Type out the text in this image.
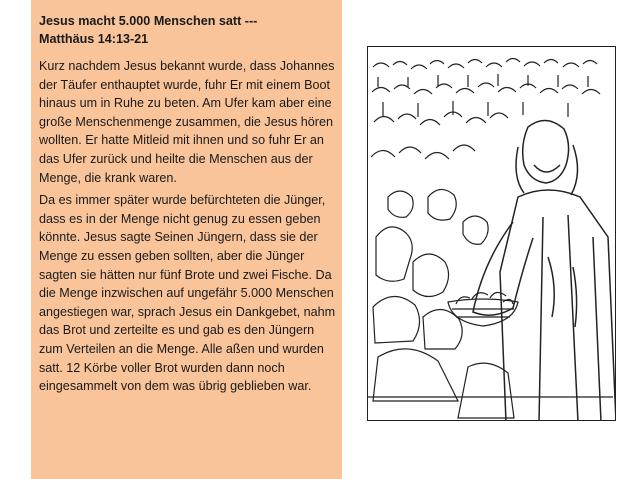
Jesus macht 5.000 Menschen satt ---
Matthäus 14:13-21

Kurz nachdem Jesus bekannt wurde, dass Johannes der Täufer enthauptet wurde, fuhr Er mit einem Boot hinaus um in Ruhe zu beten. Am Ufer kam aber eine große Menschenmenge zusammen, die Jesus hören wollten. Er hatte Mitleid mit ihnen und so fuhr Er an das Ufer zurück und heilte die Menschen aus der Menge, die krank waren.

Da es immer später wurde befürchteten die Jünger, dass es in der Menge nicht genug zu essen geben könnte. Jesus sagte Seinen Jüngern, dass sie der Menge zu essen geben sollten, aber die Jünger sagten sie hätten nur fünf Brote und zwei Fische. Da die Menge inzwischen auf ungefähr 5.000 Menschen angestiegen war, sprach Jesus ein Dankgebet, nahm das Brot und zerteilte es und gab es den Jüngern zum Verteilen an die Menge. Alle aßen und wurden satt. 12 Körbe voller Brot wurden dann noch eingesammelt von dem was übrig geblieben war.
